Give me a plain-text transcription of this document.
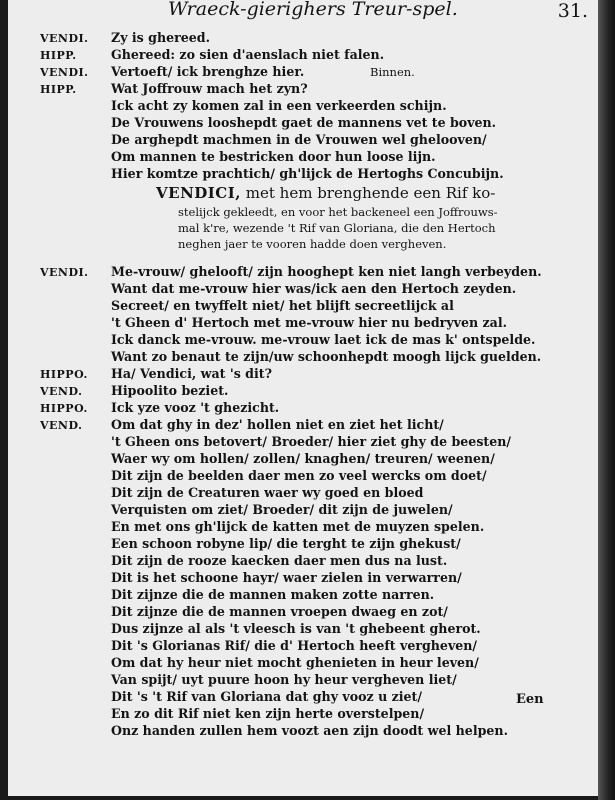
Wraeck-gierighers Treur-spel.	31.
VENDI. Zy is ghereed.
HIPP.	Ghereed: zo sien d'aenslach niet falen.
VENDI. Vertoeft/ ick brenghze hier.	Binnen.
HIPP.	Wat Joffrouw mach het zyn?
Ick acht zy komen zal in een verkeerden schijn.
De Vrouwens looshepdt gaet de mannens vet te boven.
De arghepdt machmen in de Vrouwen wel ghelooven/
Om mannen te bestricken door hun loose lijn.
Hier komtze prachtich/ gh'lijck de Hertoghs Concubijn.
VENDICI, met hem brenghende een Rif ko-
stelijck gekleedt, en voor het backeneel een Joffrouws-
mal k're, wezende 't Rif van Gloriana, die den Hertoch
neghen jaer te vooren hadde doen vergheven.
VENDI. Me-vrouw/ ghelooft/ zijn hooghept ken niet langh verbeyden.
Want dat me-vrouw hier was/ick aen den Hertoch zeyden.
Secreet/ en twyffelt niet/ het blijft secreetlijck al
't Gheen d' Hertoch met me-vrouw hier nu bedryven zal.
Ick danck me-vrouw. me-vrouw laet ick de mas k' ontspelde.
Want zo benaut te zijn/uw schoonhepdt moogh lijck guelden.
HIPPO. Ha/ Vendici, wat 's dit?
VEND. Hipoolito beziet.
HIPPO. Ick yze vooz 't ghezicht.
VEND. Om dat ghy in dez' hollen niet en ziet het licht/
't Gheen ons betovert/ Broeder/ hier ziet ghy de beesten/
Waer wy om hollen/ zollen/ knaghen/ treuren/ weenen/
Dit zijn de beelden daer men zo veel wercks om doet/
Dit zijn de Creaturen waer wy goed en bloed
Verquisten om ziet/ Broeder/ dit zijn de juwelen/
En met ons gh'lijck de katten met de muyzen spelen.
Een schoon robyne lip/ die terght te zijn ghekust/
Dit zijn de rooze kaecken daer men dus na lust.
Dit is het schoone hayr/ waer zielen in verwarren/
Dit zijnze die de mannen maken zotte narren.
Dit zijnze die de mannen vroepen dwaeg en zot/
Dus zijnze al als 't vleesch is van 't ghebeent gherot.
Dit 's Glorianas Rif/ die d' Hertoch heeft vergheven/
Om dat hy heur niet mocht ghenieten in heur leven/
Van spijt/ uyt puure hoon hy heur vergheven liet/
Dit 's 't Rif van Gloriana dat ghy vooz u ziet/
En zo dit Rif niet ken zijn herte overstelpen/
Onz handen zullen hem voozt aen zijn doodt wel helpen.
Een
